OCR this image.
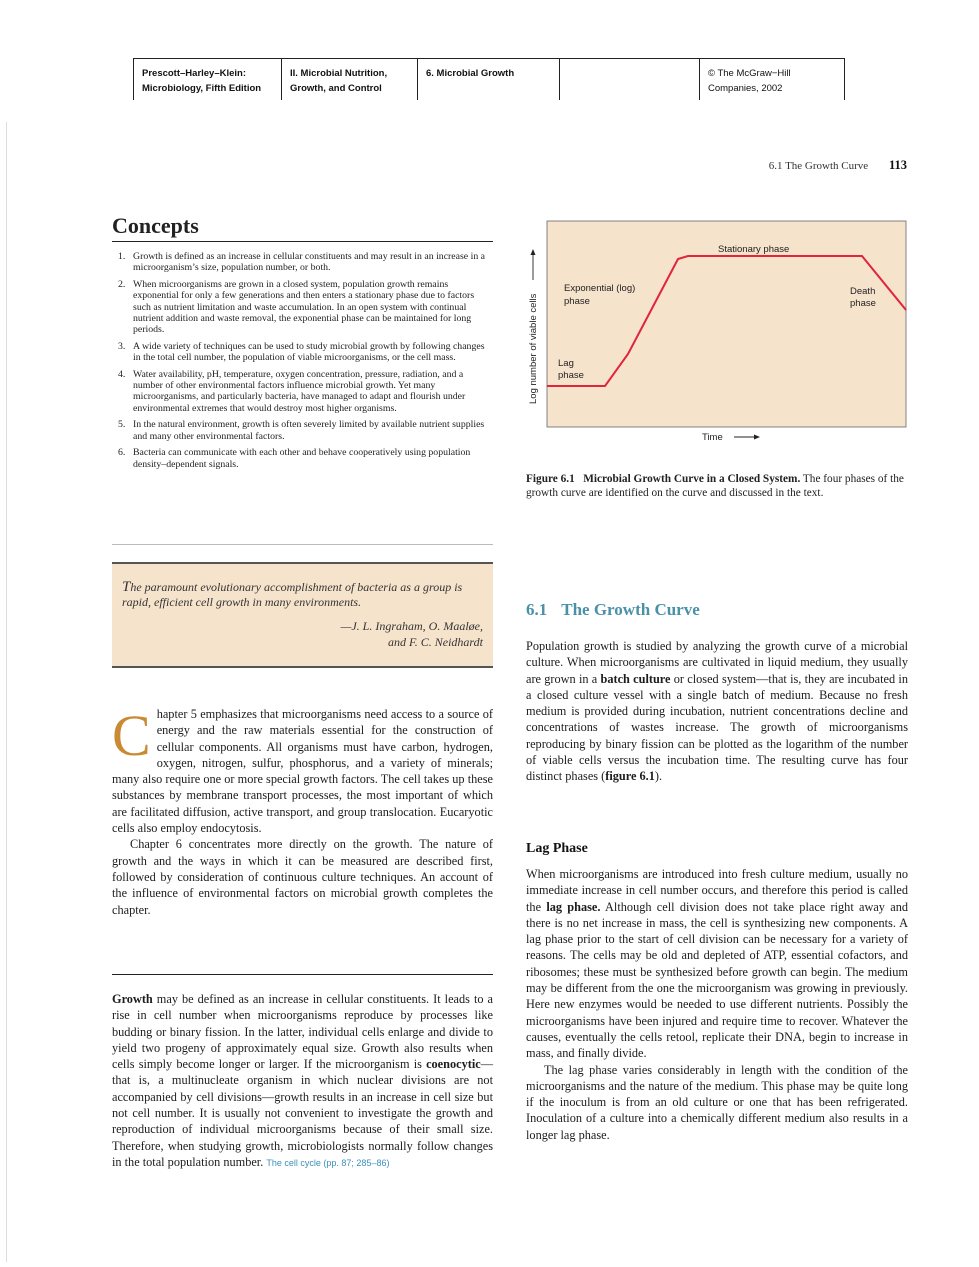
Prescott–Harley–Klein:
Microbiology, Fifth Edition
II. Microbial Nutrition,
Growth, and Control
6. Microbial Growth	© The McGraw−Hill
Companies, 2002
6.1 The Growth Curve 113
Concepts
1. Growth is defined as an increase in cellular constituents and may result in an increase in a microorganism’s size, population number, or both.
2. When microorganisms are grown in a closed system, population growth remains exponential for only a few generations and then enters a stationary phase due to factors such as nutrient limitation and waste accumulation. In an open system with continual nutrient addition and waste removal, the exponential phase can be maintained for long periods.
3. A wide variety of techniques can be used to study microbial growth by following changes in the total cell number, the population of viable microorganisms, or the cell mass.
4. Water availability, pH, temperature, oxygen concentration, pressure, radiation, and a number of other environmental factors influence microbial growth. Yet many microorganisms, and particularly bacteria, have managed to adapt and flourish under environmental extremes that would destroy most higher organisms.
5. In the natural environment, growth is often severely limited by available nutrient supplies and many other environmental factors.
6. Bacteria can communicate with each other and behave cooperatively using population density–dependent signals.
The paramount evolutionary accomplishment of bacteria as a group is rapid, efficient cell growth in many environments.
—J. L. Ingraham, O. Maaløe,
and F. C. Neidhardt

Chapter 5 emphasizes that microorganisms need access to a source of energy and the raw materials essential for the construction of cellular components. All organisms must have carbon, hydrogen, oxygen, nitrogen, sulfur, phosphorus, and a variety of minerals; many also require one or more special growth factors. The cell takes up these substances by membrane transport processes, the most important of which are facilitated diffusion, active transport, and group translocation. Eucaryotic cells also employ endocytosis.

Chapter 6 concentrates more directly on the growth. The nature of growth and the ways in which it can be measured are described first, followed by consideration of continuous culture techniques. An account of the influence of environmental factors on microbial growth completes the chapter.

Growth may be defined as an increase in cellular constituents. It leads to a rise in cell number when microorganisms reproduce by processes like budding or binary fission. In the latter, individual cells enlarge and divide to yield two progeny of approximately equal size. Growth also results when cells simply become longer or larger. If the microorganism is coenocytic—that is, a multinucleate organism in which nuclear divisions are not accompanied by cell divisions—growth results in an increase in cell size but not cell number. It is usually not convenient to investigate the growth and reproduction of individual microorganisms because of their small size. Therefore, when studying growth, microbiologists normally follow changes in the total population number. The cell cycle (pp. 87; 285–86)

Stationary phase
Exponential (log)
phase
Lag
phase
Death
phase
Time
Log number of viable cells
Figure 6.1 Microbial Growth Curve in a Closed System. The four phases of the growth curve are identified on the curve and discussed in the text.
6.1 The Growth Curve

Population growth is studied by analyzing the growth curve of a microbial culture. When microorganisms are cultivated in liquid medium, they usually are grown in a batch culture or closed system—that is, they are incubated in a closed culture vessel with a single batch of medium. Because no fresh medium is provided during incubation, nutrient concentrations decline and concentrations of wastes increase. The growth of microorganisms reproducing by binary fission can be plotted as the logarithm of the number of viable cells versus the incubation time. The resulting curve has four distinct phases (figure 6.1).

Lag Phase

When microorganisms are introduced into fresh culture medium, usually no immediate increase in cell number occurs, and therefore this period is called the lag phase. Although cell division does not take place right away and there is no net increase in mass, the cell is synthesizing new components. A lag phase prior to the start of cell division can be necessary for a variety of reasons. The cells may be old and depleted of ATP, essential cofactors, and ribosomes; these must be synthesized before growth can begin. The medium may be different from the one the microorganism was growing in previously. Here new enzymes would be needed to use different nutrients. Possibly the microorganisms have been injured and require time to recover. Whatever the causes, eventually the cells retool, replicate their DNA, begin to increase in mass, and finally divide.

The lag phase varies considerably in length with the condition of the microorganisms and the nature of the medium. This phase may be quite long if the inoculum is from an old culture or one that has been refrigerated. Inoculation of a culture into a chemically different medium also results in a longer lag phase.
